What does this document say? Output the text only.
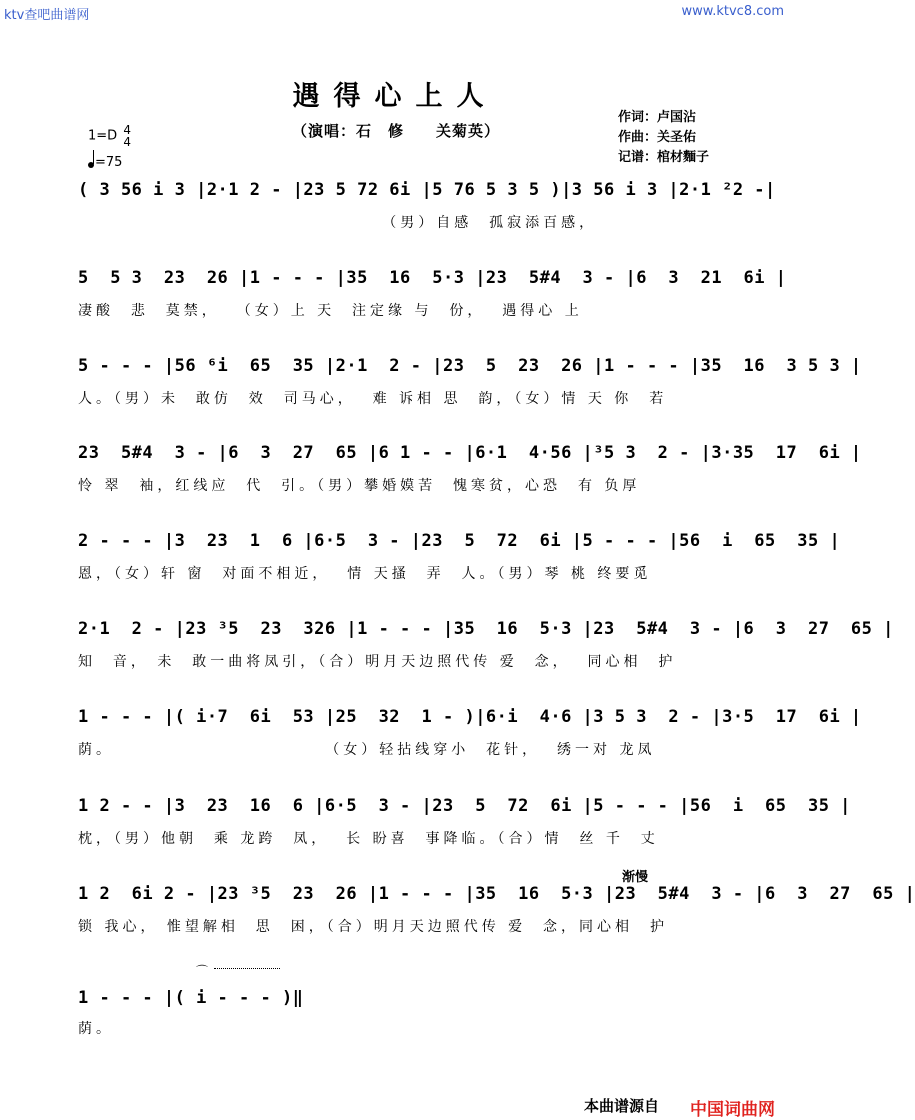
ktv查吧曲谱网	www.ktvc8.com
遇得心上人
（演唱：石　修　　关菊英）
作词：卢国沾
作曲：关圣佑
记谱：棺材麵子
1=D 4
4
=75
渐慢
⌒
( 3 56 i 3 |2·1 2 - |23 5 72 6i |5 76 5 3 5 )|3 56 i 3 |2·1 ²2 -|
（男）自感  孤寂添百感，
5  5 3  23  26 |1 - - - |35  16  5·3 |23  5#4  3 - |6  3  21  6i |
凄酸  悲  莫禁，  （女）上 天  注定缘 与  份，  遇得心 上
5 - - - |56 ⁶i  65  35 |2·1  2 - |23  5  23  26 |1 - - - |35  16  3 5 3 |
人。（男）未  敢仿  效  司马心，  难 诉相 思  韵，（女）情 天 你  若
23  5#4  3 - |6  3  27  65 |6 1 - - |6·1  4·56 |³5 3  2 - |3·35  17  6i |
怜 翠  袖，红线应  代  引。（男）攀婚嫫苦  愧寒贫，心恐  有 负厚
2 - - - |3  23  1  6 |6·5  3 - |23  5  72  6i |5 - - - |56  i  65  35 |
恩，（女）轩 窗  对面不相近，  情 天搔  弄  人。（男）琴 桃 终要觅
2·1  2 - |23 ³5  23  326 |1 - - - |35  16  5·3 |23  5#4  3 - |6  3  27  65 |
知  音， 未  敢一曲将凤引，（合）明月天边照代传 爱  念，  同心相  护
1 - - - |( i·7  6i  53 |25  32  1 - )|6·i  4·6 |3 5 3  2 - |3·5  17  6i |
荫。                         （女）轻拈线穿小  花针，  绣一对 龙凤
1 2 - - |3  23  16  6 |6·5  3 - |23  5  72  6i |5 - - - |56  i  65  35 |
枕，（男）他朝  乘 龙跨  凤，  长 盼喜  事降临。（合）情  丝 千  丈
1 2  6i 2 - |23 ³5  23  26 |1 - - - |35  16  5·3 |23  5#4  3 - |6  3  27  65 |
锁 我心， 惟望解相  思  困，（合）明月天边照代传 爱  念，同心相  护
1 - - - |( i - - - )‖
荫。
本曲谱源自 中国词曲网
